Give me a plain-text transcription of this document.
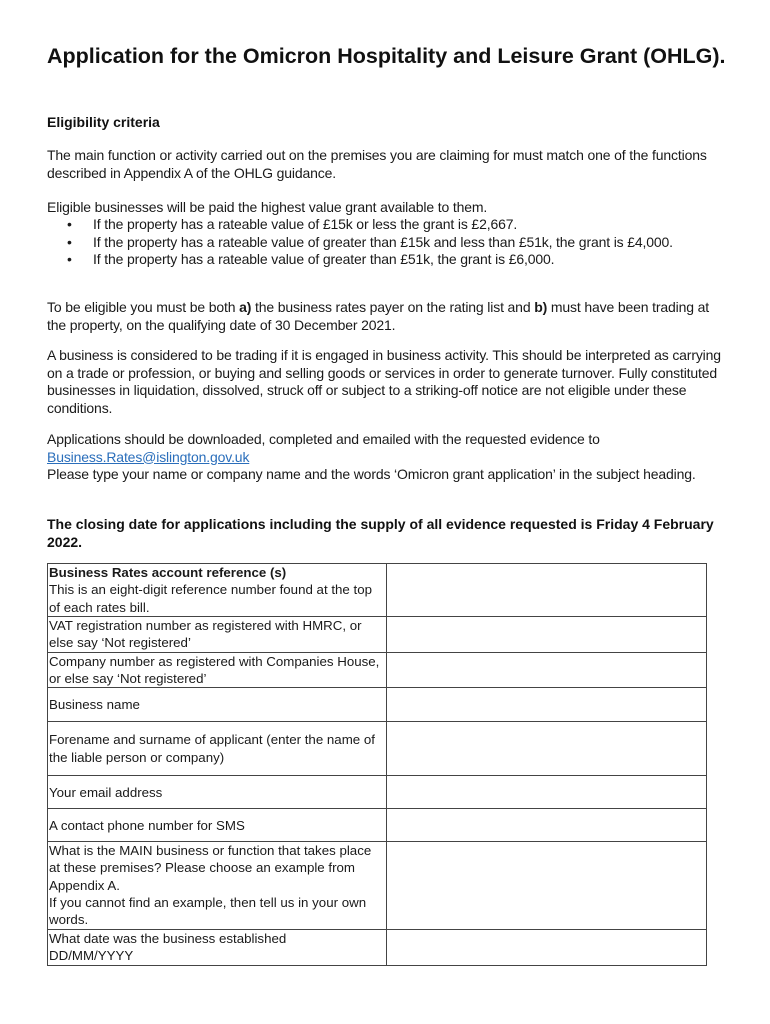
Application for the Omicron Hospitality and Leisure Grant (OHLG).

Eligibility criteria

The main function or activity carried out on the premises you are claiming for must match one of the functions described in Appendix A of the OHLG guidance.

Eligible businesses will be paid the highest value grant available to them.

• If the property has a rateable value of £15k or less the grant is £2,667.
• If the property has a rateable value of greater than £15k and less than £51k, the grant is £4,000.
• If the property has a rateable value of greater than £51k, the grant is £6,000.

To be eligible you must be both a) the business rates payer on the rating list and b) must have been trading at the property, on the qualifying date of 30 December 2021.

A business is considered to be trading if it is engaged in business activity. This should be interpreted as carrying on a trade or profession, or buying and selling goods or services in order to generate turnover. Fully constituted businesses in liquidation, dissolved, struck off or subject to a striking-off notice are not eligible under these conditions.

Applications should be downloaded, completed and emailed with the requested evidence to
Business.Rates@islington.gov.uk
Please type your name or company name and the words ‘Omicron grant application’ in the subject heading.

The closing date for applications including the supply of all evidence requested is Friday 4 February 2022.

Business Rates account reference (s)
This is an eight-digit reference number found at the top of each rates bill.

VAT registration number as registered with HMRC, or else say ‘Not registered’	
Company number as registered with Companies House, or else say ‘Not registered’	
Business name	
Forename and surname of applicant (enter the name of the liable person or company)	
Your email address	
A contact phone number for SMS	

What is the MAIN business or function that takes place at these premises? Please choose an example from Appendix A.
If you cannot find an example, then tell us in your own words.

What date was the business established
DD/MM/YYYY
